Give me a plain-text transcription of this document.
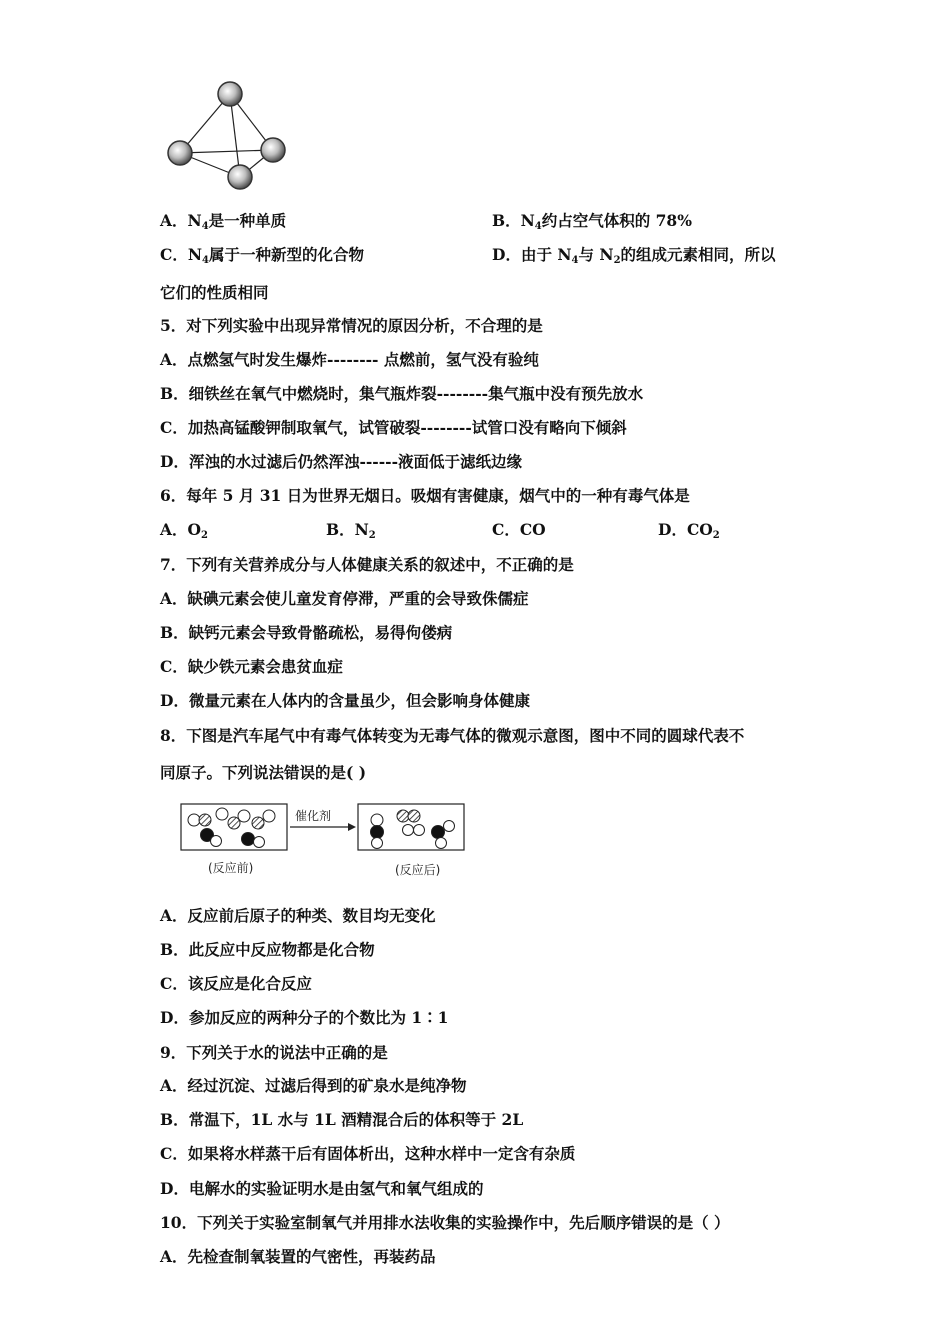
A．$N_4$是一种单质	B．$N_4$约占空气体积的 78%
C．$N_4$属于一种新型的化合物	D．由于 $N_4$与 $N_2$的组成元素相同，所以
它们的性质相同
5．对下列实验中出现异常情况的原因分析，不合理的是
A．点燃氢气时发生爆炸-------- 点燃前，氢气没有验纯
B．细铁丝在氧气中燃烧时，集气瓶炸裂--------集气瓶中没有预先放水
C．加热高锰酸钾制取氧气，试管破裂--------试管口没有略向下倾斜
D．浑浊的水过滤后仍然浑浊------液面低于滤纸边缘
6．每年 5 月 31 日为世界无烟日。吸烟有害健康，烟气中的一种有毒气体是
A．$O_2$	B．$N_2$	C．CO	D．$CO_2$
7．下列有关营养成分与人体健康关系的叙述中，不正确的是
A．缺碘元素会使儿童发育停滞，严重的会导致侏儒症
B．缺钙元素会导致骨骼疏松，易得佝偻病
C．缺少铁元素会患贫血症
D．微量元素在人体内的含量虽少，但会影响身体健康
8．下图是汽车尾气中有毒气体转变为无毒气体的微观示意图，图中不同的圆球代表不
同原子。下列说法错误的是( )
催化剂
(反应前)	(反应后)
A．反应前后原子的种类、数目均无变化
B．此反应中反应物都是化合物
C．该反应是化合反应
D．参加反应的两种分子的个数比为 1∶1
9．下列关于水的说法中正确的是
A．经过沉淀、过滤后得到的矿泉水是纯净物
B．常温下，1L 水与 1L 酒精混合后的体积等于 2L
C．如果将水样蒸干后有固体析出，这种水样中一定含有杂质
D．电解水的实验证明水是由氢气和氧气组成的
10．下列关于实验室制氧气并用排水法收集的实验操作中，先后顺序错误的是（ ）
A．先检查制氧装置的气密性，再装药品
